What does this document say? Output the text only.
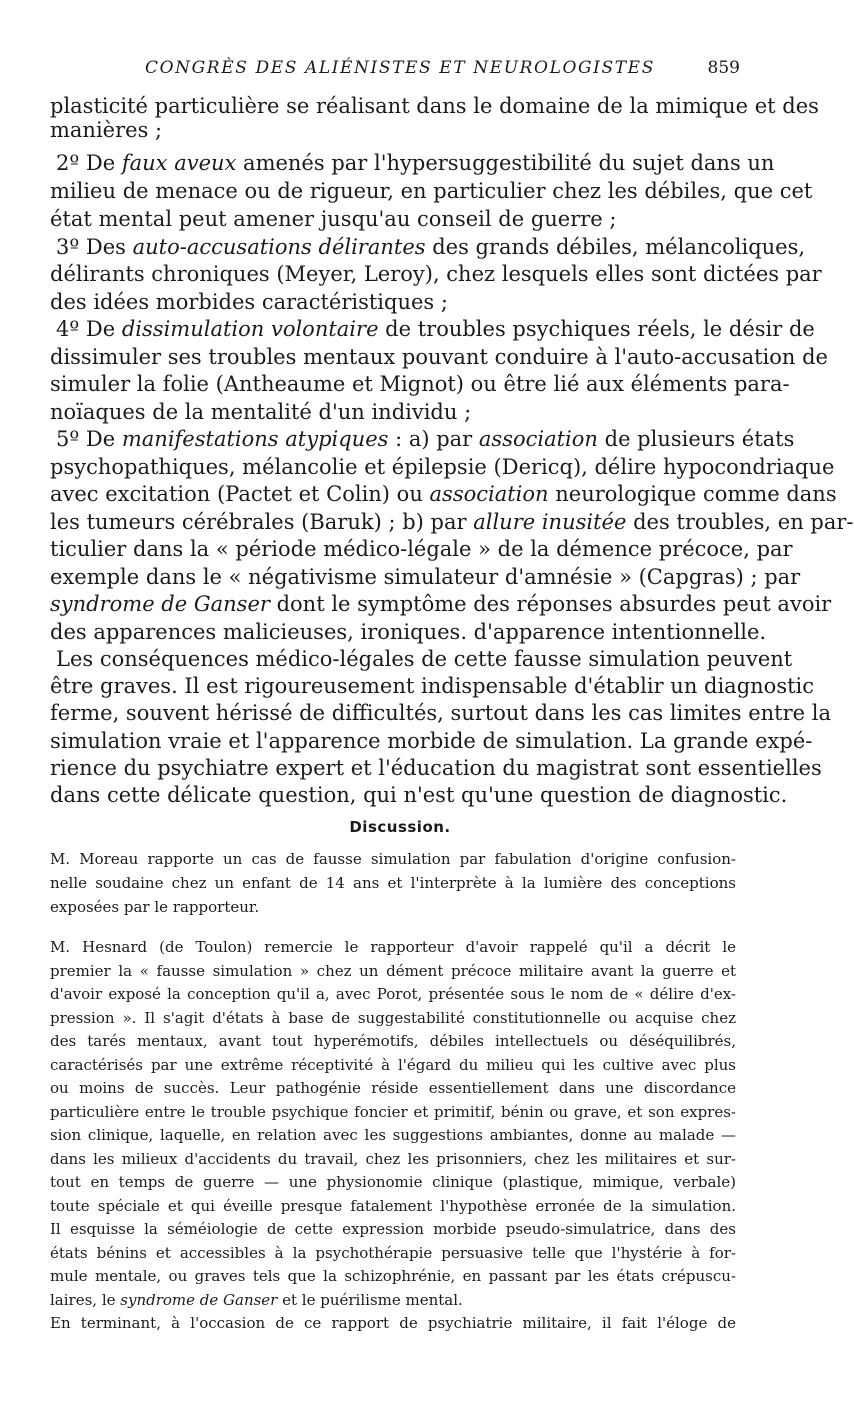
CONGRÈS DES ALIÉNISTES ET NEUROLOGISTES	859
plasticité particulière se réalisant dans le domaine de la mimique et des
manières ;
2º De faux aveux amenés par l'hypersuggestibilité du sujet dans un
milieu de menace ou de rigueur, en particulier chez les débiles, que cet
état mental peut amener jusqu'au conseil de guerre ;
3º Des auto-accusations délirantes des grands débiles, mélancoliques,
délirants chroniques (Meyer, Leroy), chez lesquels elles sont dictées par
des idées morbides caractéristiques ;
4º De dissimulation volontaire de troubles psychiques réels, le désir de
dissimuler ses troubles mentaux pouvant conduire à l'auto-accusation de
simuler la folie (Antheaume et Mignot) ou être lié aux éléments para-
noïaques de la mentalité d'un individu ;
5º De manifestations atypiques : a) par association de plusieurs états
psychopathiques, mélancolie et épilepsie (Dericq), délire hypocondriaque
avec excitation (Pactet et Colin) ou association neurologique comme dans
les tumeurs cérébrales (Baruk) ; b) par allure inusitée des troubles, en par-
ticulier dans la « période médico-légale » de la démence précoce, par
exemple dans le « négativisme simulateur d'amnésie » (Capgras) ; par
syndrome de Ganser dont le symptôme des réponses absurdes peut avoir
des apparences malicieuses, ironiques. d'apparence intentionnelle.
Les conséquences médico-légales de cette fausse simulation peuvent
être graves. Il est rigoureusement indispensable d'établir un diagnostic
ferme, souvent hérissé de difficultés, surtout dans les cas limites entre la
simulation vraie et l'apparence morbide de simulation. La grande expé-
rience du psychiatre expert et l'éducation du magistrat sont essentielles
dans cette délicate question, qui n'est qu'une question de diagnostic.
Discussion.
M. Moreau rapporte un cas de fausse simulation par fabulation d'origine confusion-
nelle soudaine chez un enfant de 14 ans et l'interprète à la lumière des conceptions
exposées par le rapporteur.
M. Hesnard (de Toulon) remercie le rapporteur d'avoir rappelé qu'il a décrit le
premier la « fausse simulation » chez un dément précoce militaire avant la guerre et
d'avoir exposé la conception qu'il a, avec Porot, présentée sous le nom de « délire d'ex-
pression ». Il s'agit d'états à base de suggestabilité constitutionnelle ou acquise chez
des tarés mentaux, avant tout hyperémotifs, débiles intellectuels ou déséquilibrés,
caractérisés par une extrême réceptivité à l'égard du milieu qui les cultive avec plus
ou moins de succès. Leur pathogénie réside essentiellement dans une discordance
particulière entre le trouble psychique foncier et primitif, bénin ou grave, et son expres-
sion clinique, laquelle, en relation avec les suggestions ambiantes, donne au malade —
dans les milieux d'accidents du travail, chez les prisonniers, chez les militaires et sur-
tout en temps de guerre — une physionomie clinique (plastique, mimique, verbale)
toute spéciale et qui éveille presque fatalement l'hypothèse erronée de la simulation.
Il esquisse la séméiologie de cette expression morbide pseudo-simulatrice, dans des
états bénins et accessibles à la psychothérapie persuasive telle que l'hystérie à for-
mule mentale, ou graves tels que la schizophrénie, en passant par les états crépuscu-
laires, le syndrome de Ganser et le puérilisme mental.
En terminant, à l'occasion de ce rapport de psychiatrie militaire, il fait l'éloge de
